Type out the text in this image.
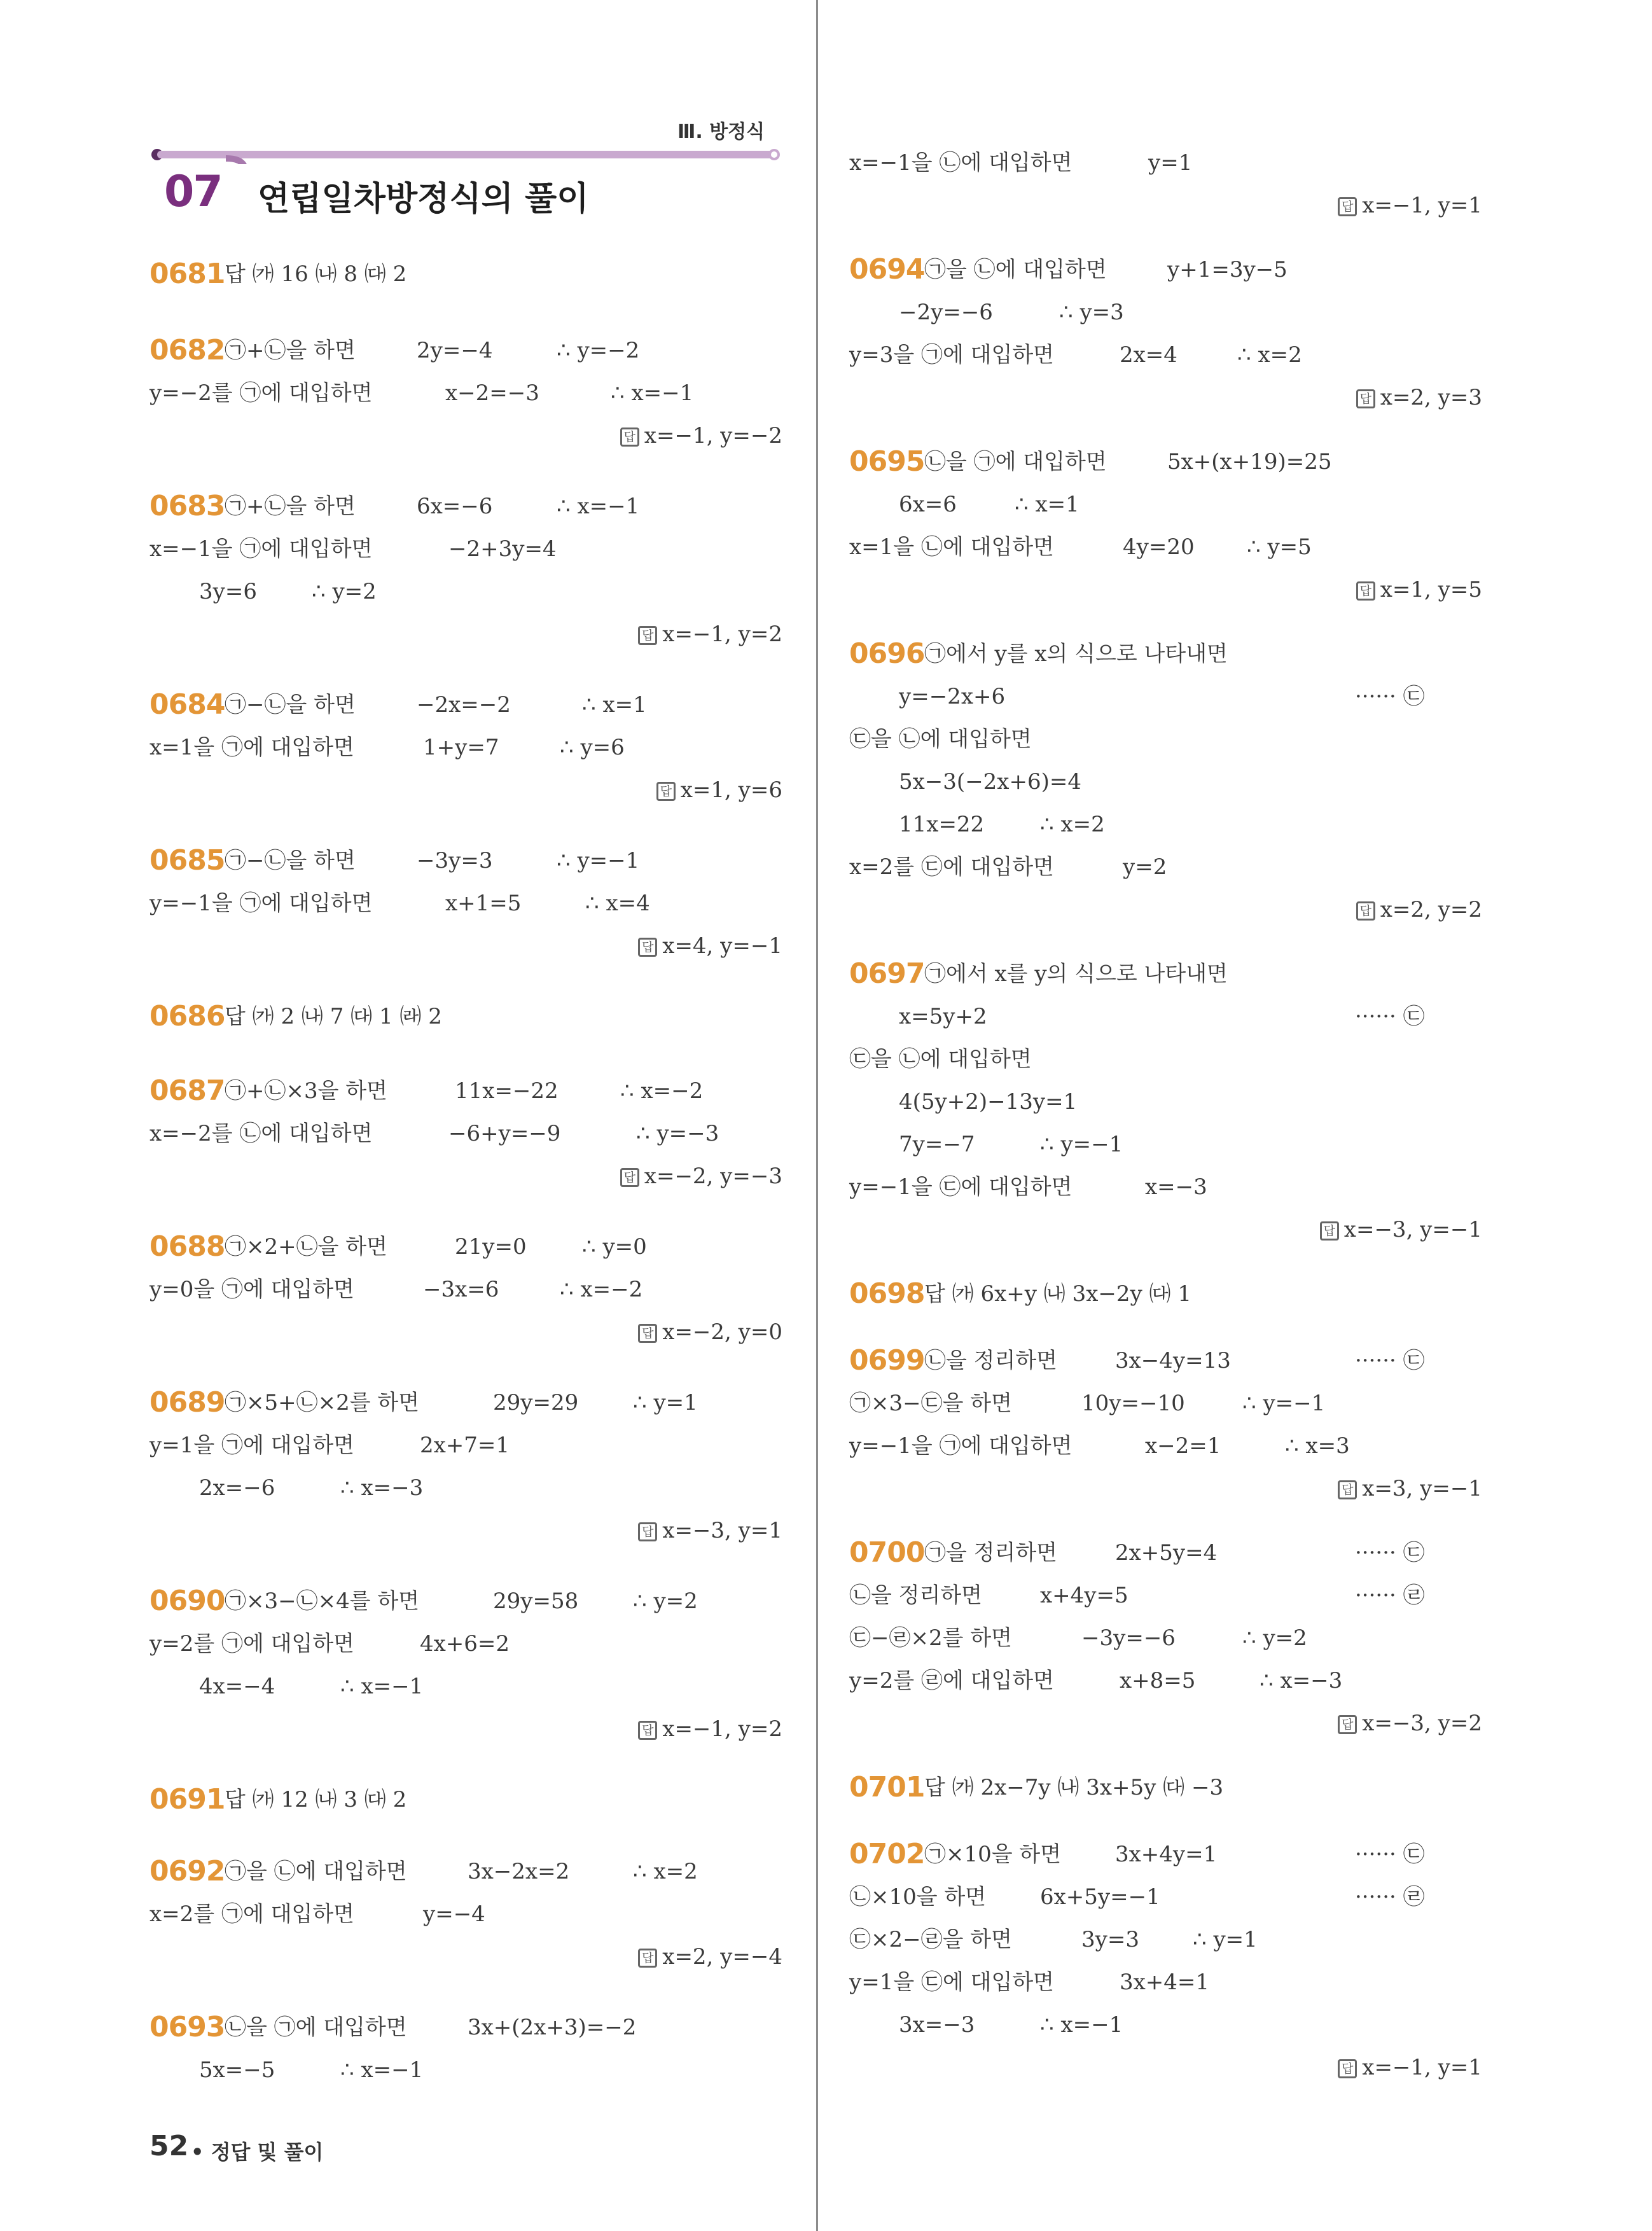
Ⅲ. 방정식
07 연립일차방정식의 풀이
0681 답 ㈎ 16 ㈏ 8 ㈐ 2
0682 ㉠+㉡을 하면	2y=−4	∴ y=−2
y=−2를 ㉠에 대입하면	x−2=−3	∴ x=−1
답 x=−1, y=−2
0683 ㉠+㉡을 하면	6x=−6	∴ x=−1
x=−1을 ㉠에 대입하면	−2+3y=4
3y=6	∴ y=2
답 x=−1, y=2
0684 ㉠−㉡을 하면	−2x=−2	∴ x=1
x=1을 ㉠에 대입하면	1+y=7	∴ y=6
답 x=1, y=6
0685 ㉠−㉡을 하면	−3y=3	∴ y=−1
y=−1을 ㉠에 대입하면	x+1=5	∴ x=4
답 x=4, y=−1
0686 답 ㈎ 2 ㈏ 7 ㈐ 1 ㈑ 2
0687 ㉠+㉡×3을 하면	11x=−22	∴ x=−2
x=−2를 ㉡에 대입하면	−6+y=−9	∴ y=−3
답 x=−2, y=−3
0688 ㉠×2+㉡을 하면	21y=0	∴ y=0
y=0을 ㉠에 대입하면	−3x=6	∴ x=−2
답 x=−2, y=0
0689 ㉠×5+㉡×2를 하면	29y=29	∴ y=1
y=1을 ㉠에 대입하면	2x+7=1
2x=−6	∴ x=−3
답 x=−3, y=1
0690 ㉠×3−㉡×4를 하면	29y=58	∴ y=2
y=2를 ㉠에 대입하면	4x+6=2
4x=−4	∴ x=−1
답 x=−1, y=2
0691 답 ㈎ 12 ㈏ 3 ㈐ 2
0692 ㉠을 ㉡에 대입하면	3x−2x=2	∴ x=2
x=2를 ㉠에 대입하면	y=−4
답 x=2, y=−4
0693 ㉡을 ㉠에 대입하면	3x+(2x+3)=−2
5x=−5	∴ x=−1
x=−1을 ㉡에 대입하면	y=1
답 x=−1, y=1
0694 ㉠을 ㉡에 대입하면	y+1=3y−5
−2y=−6	∴ y=3
y=3을 ㉠에 대입하면	2x=4	∴ x=2
답 x=2, y=3
0695 ㉡을 ㉠에 대입하면	5x+(x+19)=25
6x=6	∴ x=1
x=1을 ㉡에 대입하면	4y=20 ∴ y=5
답 x=1, y=5
0696 ㉠에서 y를 x의 식으로 나타내면
y=−2x+6	······ ㉢
㉢을 ㉡에 대입하면
5x−3(−2x+6)=4
11x=22	∴ x=2
x=2를 ㉢에 대입하면	y=2
답 x=2, y=2
0697 ㉠에서 x를 y의 식으로 나타내면
x=5y+2	······ ㉢
㉢을 ㉡에 대입하면
4(5y+2)−13y=1
7y=−7	∴ y=−1
y=−1을 ㉢에 대입하면	x=−3
답 x=−3, y=−1
0698 답 ㈎ 6x+y ㈏ 3x−2y ㈐ 1
0699 ㉡을 정리하면	3x−4y=13	······ ㉢
㉠×3−㉢을 하면	10y=−10	∴ y=−1
y=−1을 ㉠에 대입하면	x−2=1	∴ x=3
답 x=3, y=−1
0700 ㉠을 정리하면	2x+5y=4	······ ㉢
㉡을 정리하면	x+4y=5	······ ㉣
㉢−㉣×2를 하면	−3y=−6	∴ y=2
y=2를 ㉣에 대입하면	x+8=5	∴ x=−3
답 x=−3, y=2
0701 답 ㈎ 2x−7y ㈏ 3x+5y ㈐ −3
0702 ㉠×10을 하면 3x+4y=1	······ ㉢
㉡×10을 하면 6x+5y=−1	······ ㉣
㉢×2−㉣을 하면	3y=3 ∴ y=1
y=1을 ㉢에 대입하면	3x+4=1
3x=−3	∴ x=−1
답 x=−1, y=1
52 • 정답 및 풀이
